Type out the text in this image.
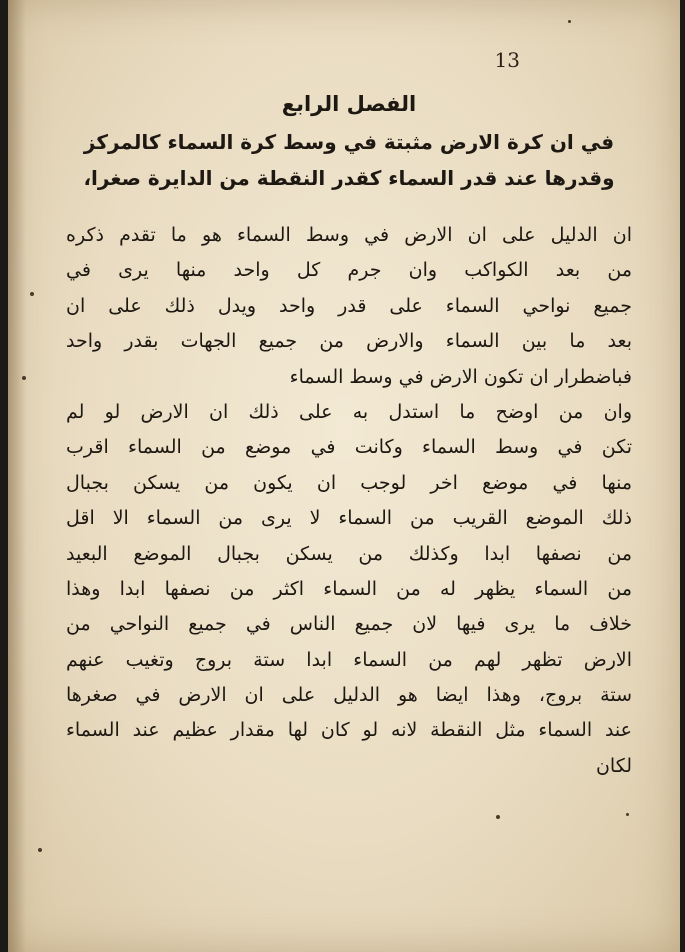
13
الفصل الرابع
في ان كرة الارض مثبتة في وسط كرة السماء كالمركز
وقدرها عند قدر السماء كقدر النقطة من الدايرة صغرا،
ان الدليل على ان الارض في وسط السماء هو ما تقدم ذكره
من بعد الكواكب وان جرم كل واحد منها يرى في
جميع نواحي السماء على قدر واحد ويدل ذلك على ان
بعد ما بين السماء والارض من جميع الجهات بقدر واحد
فباضطرار ان تكون الارض في وسط السماء
وان من اوضح ما استدل به على ذلك ان الارض لو لم
تكن في وسط السماء وكانت في موضع من السماء اقرب
منها في موضع اخر لوجب ان يكون من يسكن بجبال
ذلك الموضع القريب من السماء لا يرى من السماء الا اقل
من نصفها ابدا وكذلك من يسكن بجبال الموضع البعيد
من السماء يظهر له من السماء اكثر من نصفها ابدا وهذا
خلاف ما يرى فيها لان جميع الناس في جميع النواحي من
الارض تظهر لهم من السماء ابدا ستة بروج وتغيب عنهم
ستة بروج، وهذا ايضا هو الدليل على ان الارض في صغرها
عند السماء مثل النقطة لانه لو كان لها مقدار عظيم عند السماء
لكان
